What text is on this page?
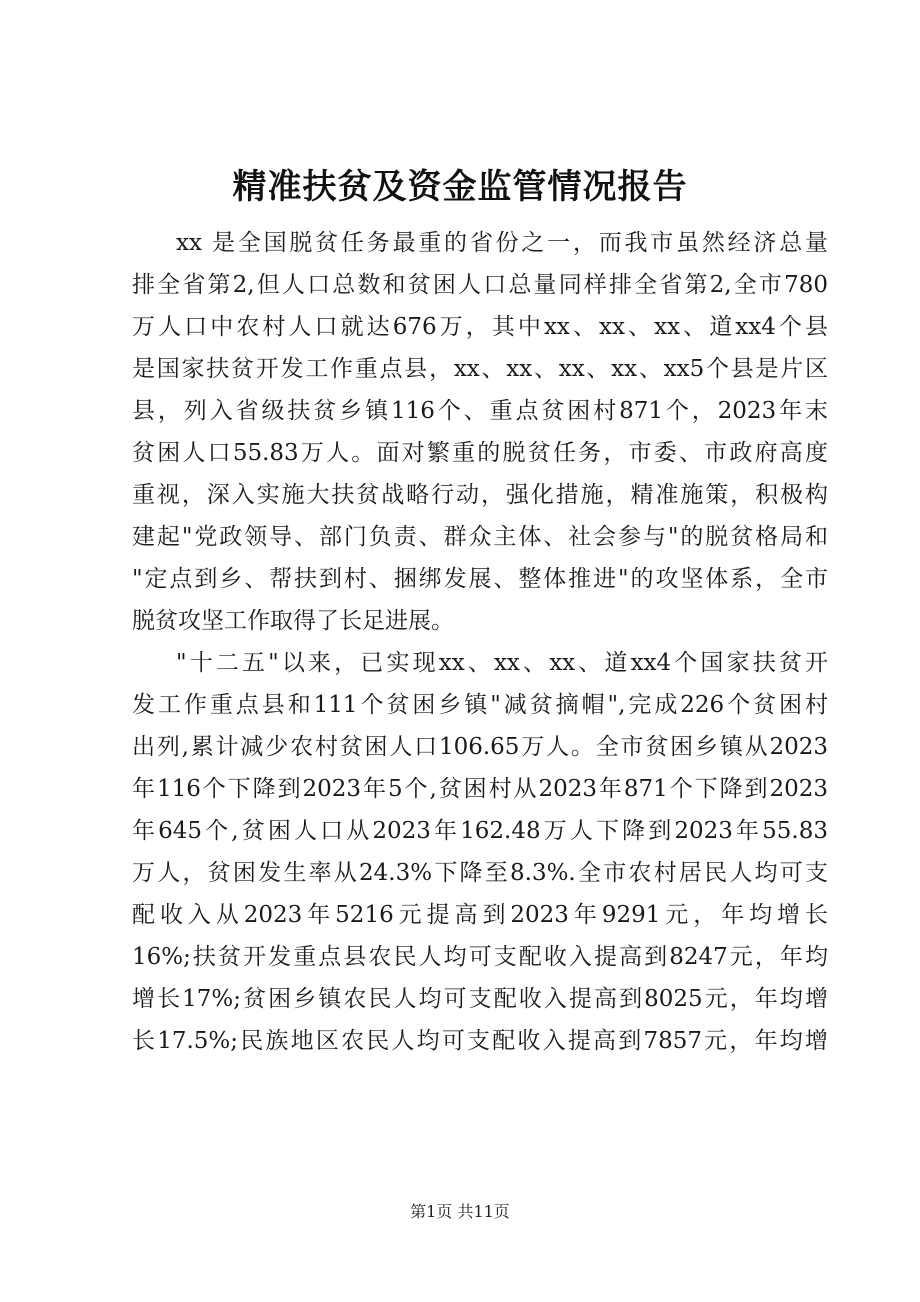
精准扶贫及资金监管情况报告
xx 是全国脱贫任务最重的省份之一，而我市虽然经济总量
排全省第2,但人口总数和贫困人口总量同样排全省第2,全市780
万人口中农村人口就达676万，其中xx、xx、xx、道xx4个县
是国家扶贫开发工作重点县，xx、xx、xx、xx、xx5个县是片区
县，列入省级扶贫乡镇116个、重点贫困村871个，2023年末
贫困人口55.83万人。面对繁重的脱贫任务，市委、市政府高度
重视，深入实施大扶贫战略行动，强化措施，精准施策，积极构
建起"党政领导、部门负责、群众主体、社会参与"的脱贫格局和
"定点到乡、帮扶到村、捆绑发展、整体推进"的攻坚体系，全市
脱贫攻坚工作取得了长足进展。
"十二五"以来，已实现xx、xx、xx、道xx4个国家扶贫开
发工作重点县和111个贫困乡镇"减贫摘帽",完成226个贫困村
出列,累计减少农村贫困人口106.65万人。全市贫困乡镇从2023
年116个下降到2023年5个,贫困村从2023年871个下降到2023
年645个,贫困人口从2023年162.48万人下降到2023年55.83
万人，贫困发生率从24.3%下降至8.3%.全市农村居民人均可支
配收入从2023年5216元提高到2023年9291元，年均增长
16%;扶贫开发重点县农民人均可支配收入提高到8247元，年均
增长17%;贫困乡镇农民人均可支配收入提高到8025元，年均增
长17.5%;民族地区农民人均可支配收入提高到7857元，年均增
第1页 共11页
